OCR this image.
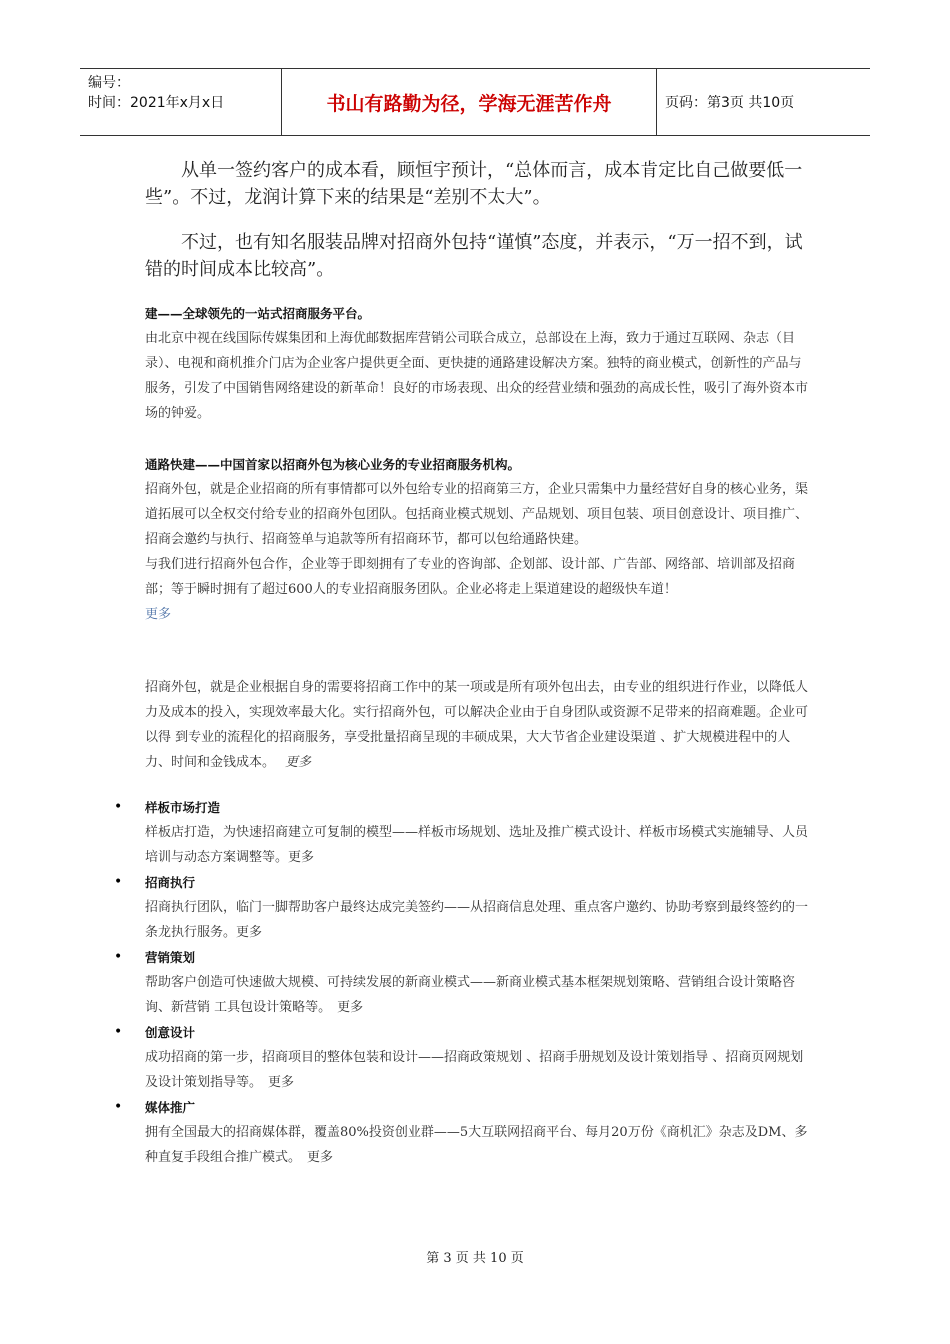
编号：
时间：2021年x月x日	书山有路勤为径，学海无涯苦作舟	页码：第3页 共10页

从单一签约客户的成本看，顾恒宇预计，“总体而言，成本肯定比自己做要低一些”。不过，龙润计算下来的结果是“差别不太大”。

不过，也有知名服装品牌对招商外包持“谨慎”态度，并表示，“万一招不到，试错的时间成本比较高”。

建——全球领先的一站式招商服务平台。
由北京中视在线国际传媒集团和上海优邮数据库营销公司联合成立，总部设在上海，致力于通过互联网、杂志（目录）、电视和商机推介门店为企业客户提供更全面、更快捷的通路建设解决方案。独特的商业模式，创新性的产品与服务，引发了中国销售网络建设的新革命！良好的市场表现、出众的经营业绩和强劲的高成长性，吸引了海外资本市场的钟爱。
通路快建——中国首家以招商外包为核心业务的专业招商服务机构。
招商外包，就是企业招商的所有事情都可以外包给专业的招商第三方，企业只需集中力量经营好自身的核心业务，渠道拓展可以全权交付给专业的招商外包团队。包括商业模式规划、产品规划、项目包装、项目创意设计、项目推广、招商会邀约与执行、招商签单与追款等所有招商环节，都可以包给通路快建。
与我们进行招商外包合作，企业等于即刻拥有了专业的咨询部、企划部、设计部、广告部、网络部、培训部及招商部；等于瞬时拥有了超过600人的专业招商服务团队。企业必将走上渠道建设的超级快车道！
更多
招商外包，就是企业根据自身的需要将招商工作中的某一项或是所有项外包出去，由专业的组织进行作业，以降低人力及成本的投入，实现效率最大化。实行招商外包，可以解决企业由于自身团队或资源不足带来的招商难题。企业可以得 到专业的流程化的招商服务，享受批量招商呈现的丰硕成果，大大节省企业建设渠道 、扩大规模进程中的人力、时间和金钱成本。 更多
• 样板市场打造
样板店打造，为快速招商建立可复制的模型——样板市场规划、选址及推广模式设计、样板市场模式实施辅导、人员培训与动态方案调整等。更多
• 招商执行
招商执行团队，临门一脚帮助客户最终达成完美签约——从招商信息处理、重点客户邀约、协助考察到最终签约的一条龙执行服务。更多
• 营销策划
帮助客户创造可快速做大规模、可持续发展的新商业模式——新商业模式基本框架规划策略、营销组合设计策略咨询、新营销 工具包设计策略等。 更多
• 创意设计
成功招商的第一步，招商项目的整体包装和设计——招商政策规划 、招商手册规划及设计策划指导 、招商页网规划及设计策划指导等。 更多
• 媒体推广
拥有全国最大的招商媒体群，覆盖80%投资创业群——5大互联网招商平台、每月20万份《商机汇》杂志及DM、多种直复手段组合推广模式。 更多
第 3 页 共 10 页
